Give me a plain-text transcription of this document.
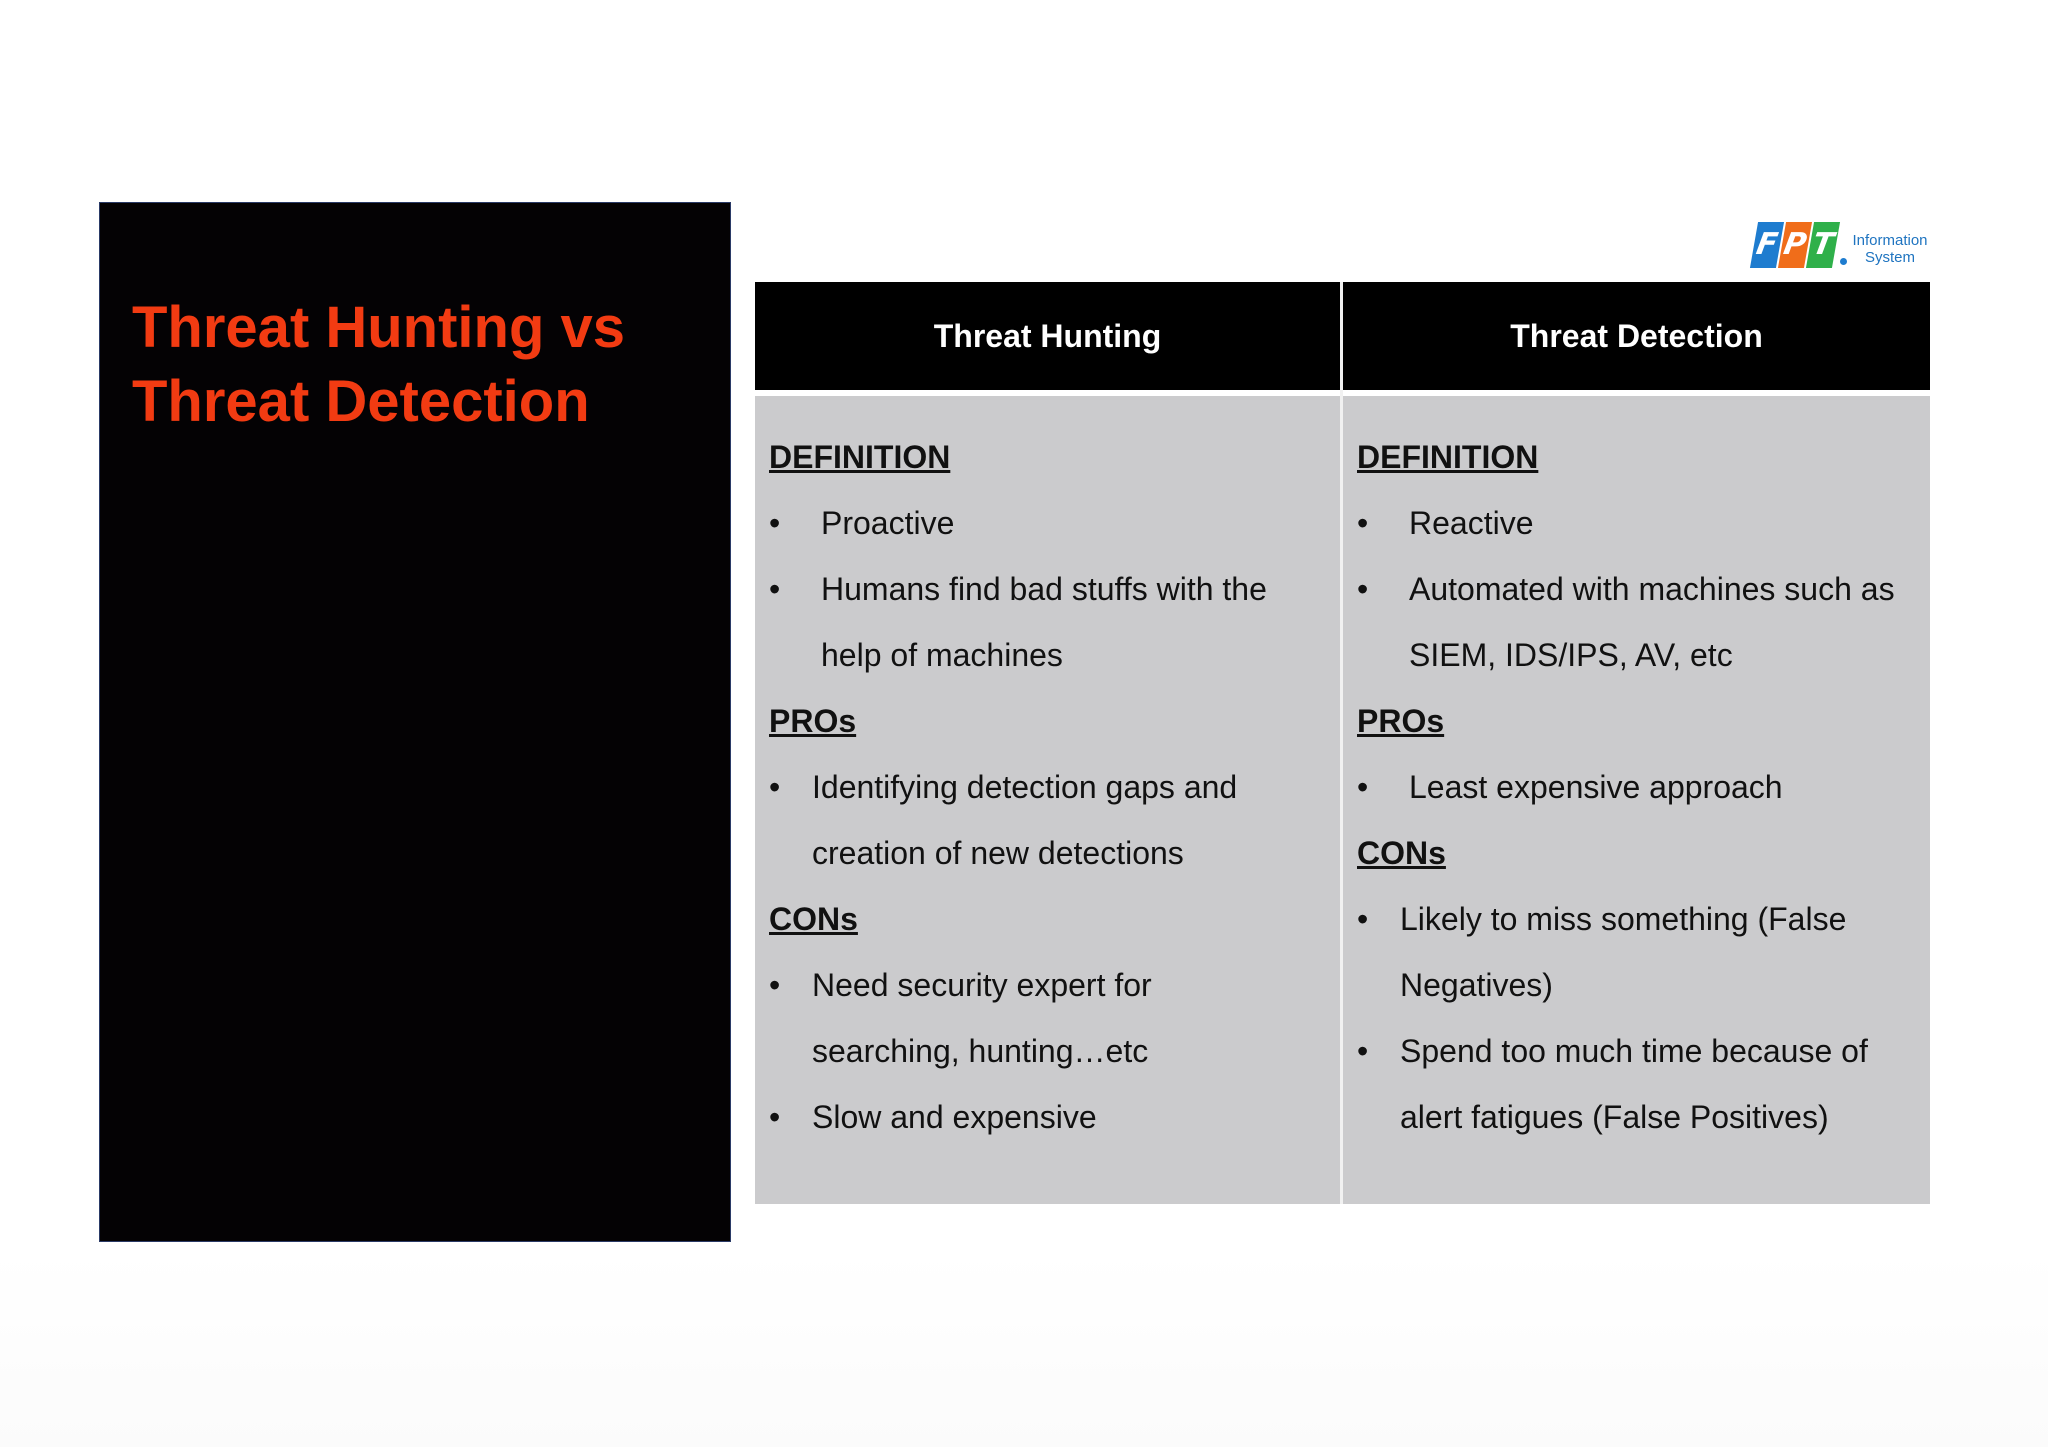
Threat Hunting vs
Threat Detection
F P T	Information
System
Threat Hunting	Threat Detection
DEFINITION
•	Proactive
•	Humans find bad stuffs with the
help of machines
PROs
• Identifying detection gaps and
creation of new detections
CONs
• Need security expert for
searching, hunting…etc
• Slow and expensive
DEFINITION
•	Reactive
•	Automated with machines such as
SIEM, IDS/IPS, AV, etc
PROs
•	Least expensive approach
CONs
• Likely to miss something (False
Negatives)
• Spend too much time because of
alert fatigues (False Positives)
